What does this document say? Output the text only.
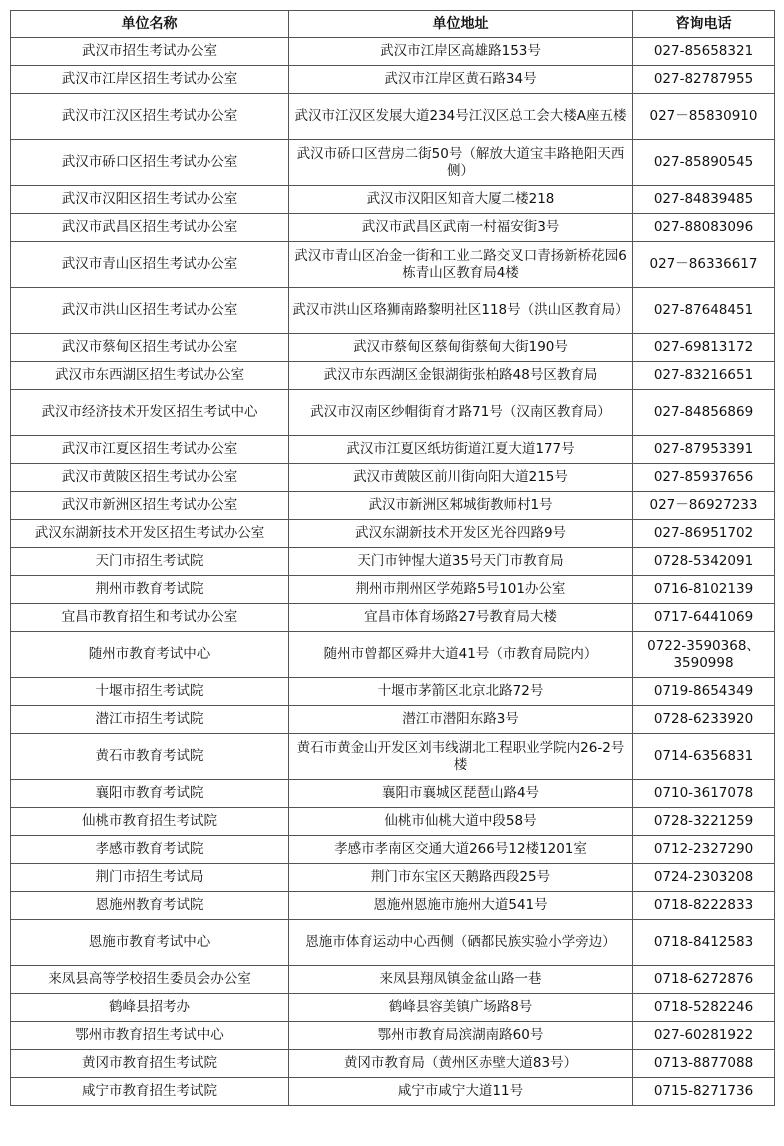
单位名称	单位地址	咨询电话
武汉市招生考试办公室	武汉市江岸区高雄路153号	027-85658321
武汉市江岸区招生考试办公室	武汉市江岸区黄石路34号	027-82787955
武汉市江汉区招生考试办公室	武汉市江汉区发展大道234号江汉区总工会大楼A座五楼	027－85830910
武汉市硚口区招生考试办公室	武汉市硚口区营房二街50号（解放大道宝丰路艳阳天西侧）	027-85890545
武汉市汉阳区招生考试办公室	武汉市汉阳区知音大厦二楼218	027-84839485
武汉市武昌区招生考试办公室	武汉市武昌区武南一村福安街3号	027-88083096
武汉市青山区招生考试办公室	武汉市青山区冶金一街和工业二路交叉口青扬新桥花园6栋青山区教育局4楼	027－86336617
武汉市洪山区招生考试办公室	武汉市洪山区珞狮南路黎明社区118号（洪山区教育局）	027-87648451
武汉市蔡甸区招生考试办公室	武汉市蔡甸区蔡甸街蔡甸大街190号	027-69813172
武汉市东西湖区招生考试办公室	武汉市东西湖区金银湖街张柏路48号区教育局	027-83216651
武汉市经济技术开发区招生考试中心	武汉市汉南区纱帽街育才路71号（汉南区教育局）	027-84856869
武汉市江夏区招生考试办公室	武汉市江夏区纸坊街道江夏大道177号	027-87953391
武汉市黄陂区招生考试办公室	武汉市黄陂区前川街向阳大道215号	027-85937656
武汉市新洲区招生考试办公室	武汉市新洲区邾城街教师村1号	027－86927233
武汉东湖新技术开发区招生考试办公室	武汉东湖新技术开发区光谷四路9号	027-86951702
天门市招生考试院	天门市钟惺大道35号天门市教育局	0728-5342091
荆州市教育考试院	荆州市荆州区学苑路5号101办公室	0716-8102139
宜昌市教育招生和考试办公室	宜昌市体育场路27号教育局大楼	0717-6441069
随州市教育考试中心	随州市曾都区舜井大道41号（市教育局院内）	0722-3590368、3590998
十堰市招生考试院	十堰市茅箭区北京北路72号	0719-8654349
潜江市招生考试院	潜江市潜阳东路3号	0728-6233920
黄石市教育考试院	黄石市黄金山开发区刘韦线湖北工程职业学院内26-2号楼	0714-6356831
襄阳市教育考试院	襄阳市襄城区琵琶山路4号	0710-3617078
仙桃市教育招生考试院	仙桃市仙桃大道中段58号	0728-3221259
孝感市教育考试院	孝感市孝南区交通大道266号12楼1201室	0712-2327290
荆门市招生考试局	荆门市东宝区天鹅路西段25号	0724-2303208
恩施州教育考试院	恩施州恩施市施州大道541号	0718-8222833
恩施市教育考试中心	恩施市体育运动中心西侧（硒都民族实验小学旁边）	0718-8412583
来凤县高等学校招生委员会办公室	来凤县翔凤镇金盆山路一巷	0718-6272876
鹤峰县招考办	鹤峰县容美镇广场路8号	0718-5282246
鄂州市教育招生考试中心	鄂州市教育局滨湖南路60号	027-60281922
黄冈市教育招生考试院	黄冈市教育局（黄州区赤壁大道83号）	0713-8877088
咸宁市教育招生考试院	咸宁市咸宁大道11号	0715-8271736
